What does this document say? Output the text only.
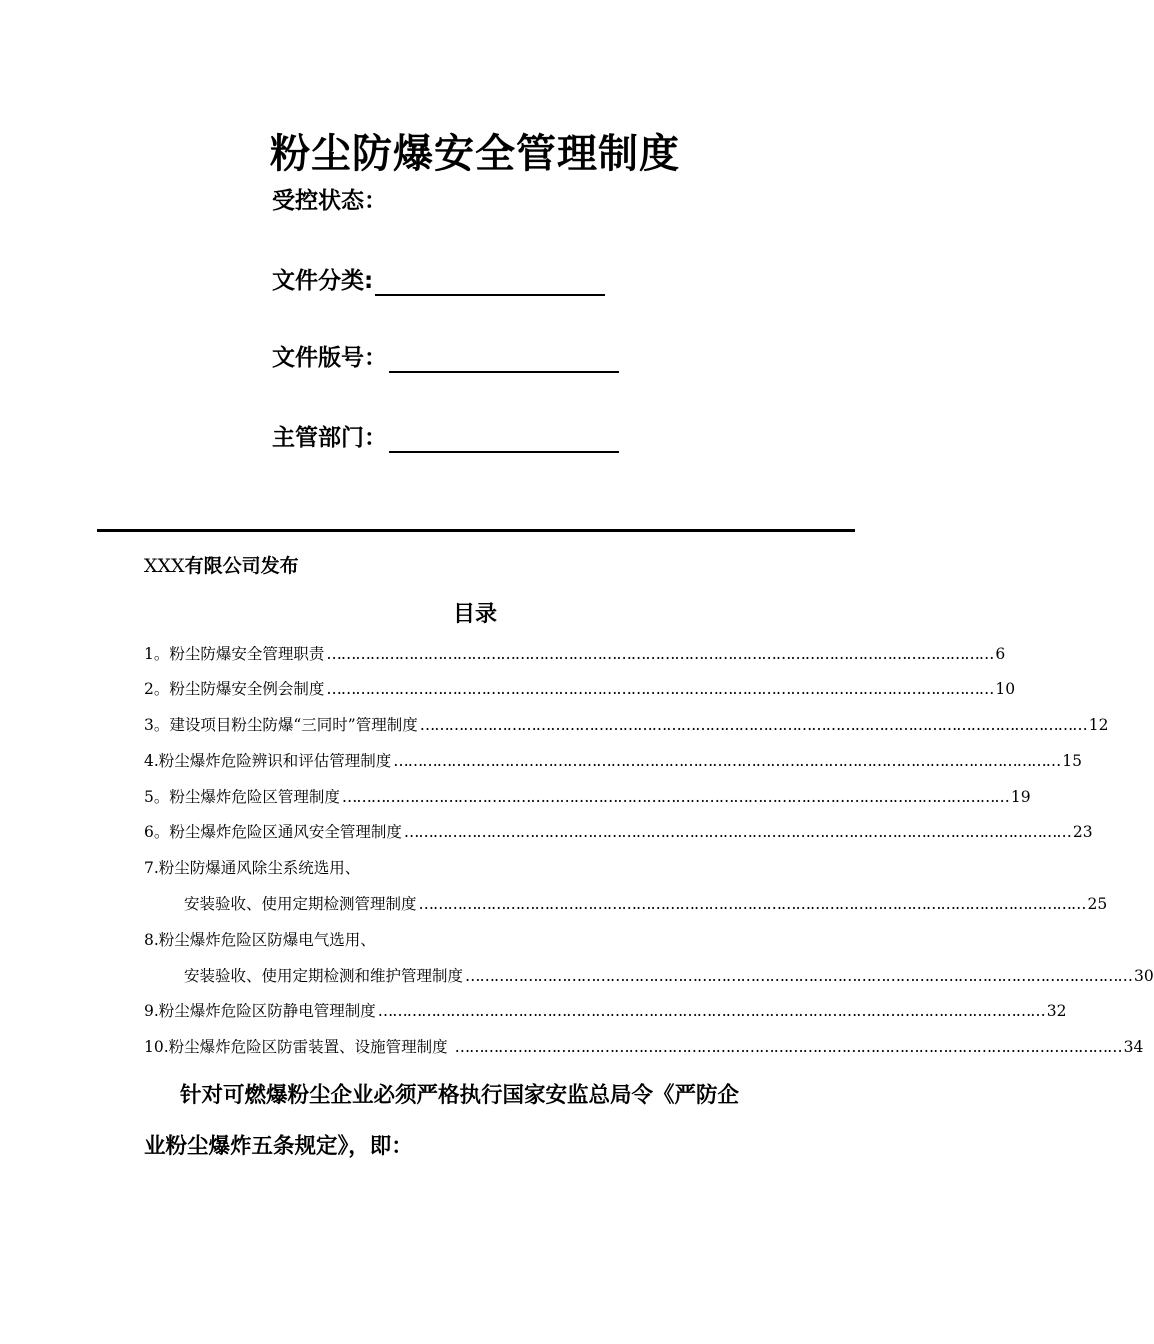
粉尘防爆安全管理制度
受控状态：
文件分类:
文件版号：
主管部门：
XXX有限公司发布
目录
1。粉尘防爆安全管理职责 ………………………………………………………………………………………………………………………… 6
2。粉尘防爆安全例会制度 ………………………………………………………………………………………………………………………… 10
3。建设项目粉尘防爆“三同时”管理制度 ………………………………………………………………………………………………………………………… 12
4.粉尘爆炸危险辨识和评估管理制度 ………………………………………………………………………………………………………………………… 15
5。粉尘爆炸危险区管理制度 ………………………………………………………………………………………………………………………… 19
6。粉尘爆炸危险区通风安全管理制度 ………………………………………………………………………………………………………………………… 23
7.粉尘防爆通风除尘系统选用、
安装验收、使用定期检测管理制度 ………………………………………………………………………………………………………………………… 25
8.粉尘爆炸危险区防爆电气选用、
安装验收、使用定期检测和维护管理制度 ………………………………………………………………………………………………………………………… 30
9.粉尘爆炸危险区防静电管理制度 ………………………………………………………………………………………………………………………… 32
10.粉尘爆炸危险区防雷装置、设施管理制度 ………………………………………………………………………………………………………………………… 34
针对可燃爆粉尘企业必须严格执行国家安监总局令《严防企
业粉尘爆炸五条规定》，即：
